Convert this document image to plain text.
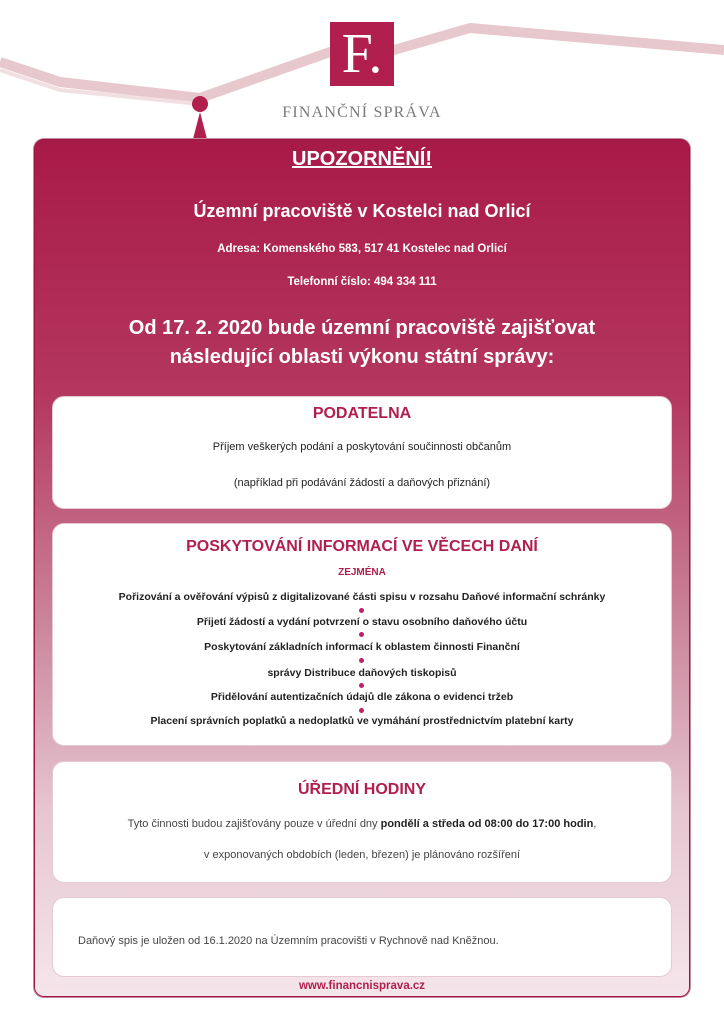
F.
FINANČNÍ SPRÁVA
UPOZORNĚNÍ!
Územní pracoviště v Kostelci nad Orlicí
Adresa: Komenského 583, 517 41 Kostelec nad Orlicí
Telefonní číslo: 494 334 111
Od 17. 2. 2020 bude územní pracoviště zajišťovat
následující oblasti výkonu státní správy:
PODATELNA
Příjem veškerých podání a poskytování součinnosti občanům
(například při podávání žádostí a daňových přiznání)
POSKYTOVÁNÍ INFORMACÍ VE VĚCECH DANÍ
ZEJMÉNA
Pořizování a ověřování výpisů z digitalizované části spisu v rozsahu Daňové informační schránky
Přijetí žádostí a vydání potvrzení o stavu osobního daňového účtu
Poskytování základních informací k oblastem činnosti Finanční
správy Distribuce daňových tiskopisů
Přidělování autentizačních údajů dle zákona o evidenci tržeb
Placení správních poplatků a nedoplatků ve vymáhání prostřednictvím platební karty
ÚŘEDNÍ HODINY
Tyto činnosti budou zajišťovány pouze v úřední dny pondělí a středa od 08:00 do 17:00 hodin,
v exponovaných obdobích (leden, březen) je plánováno rozšíření
Daňový spis je uložen od 16.1.2020 na Územním pracovišti v Rychnově nad Kněžnou.
www.financnisprava.cz
